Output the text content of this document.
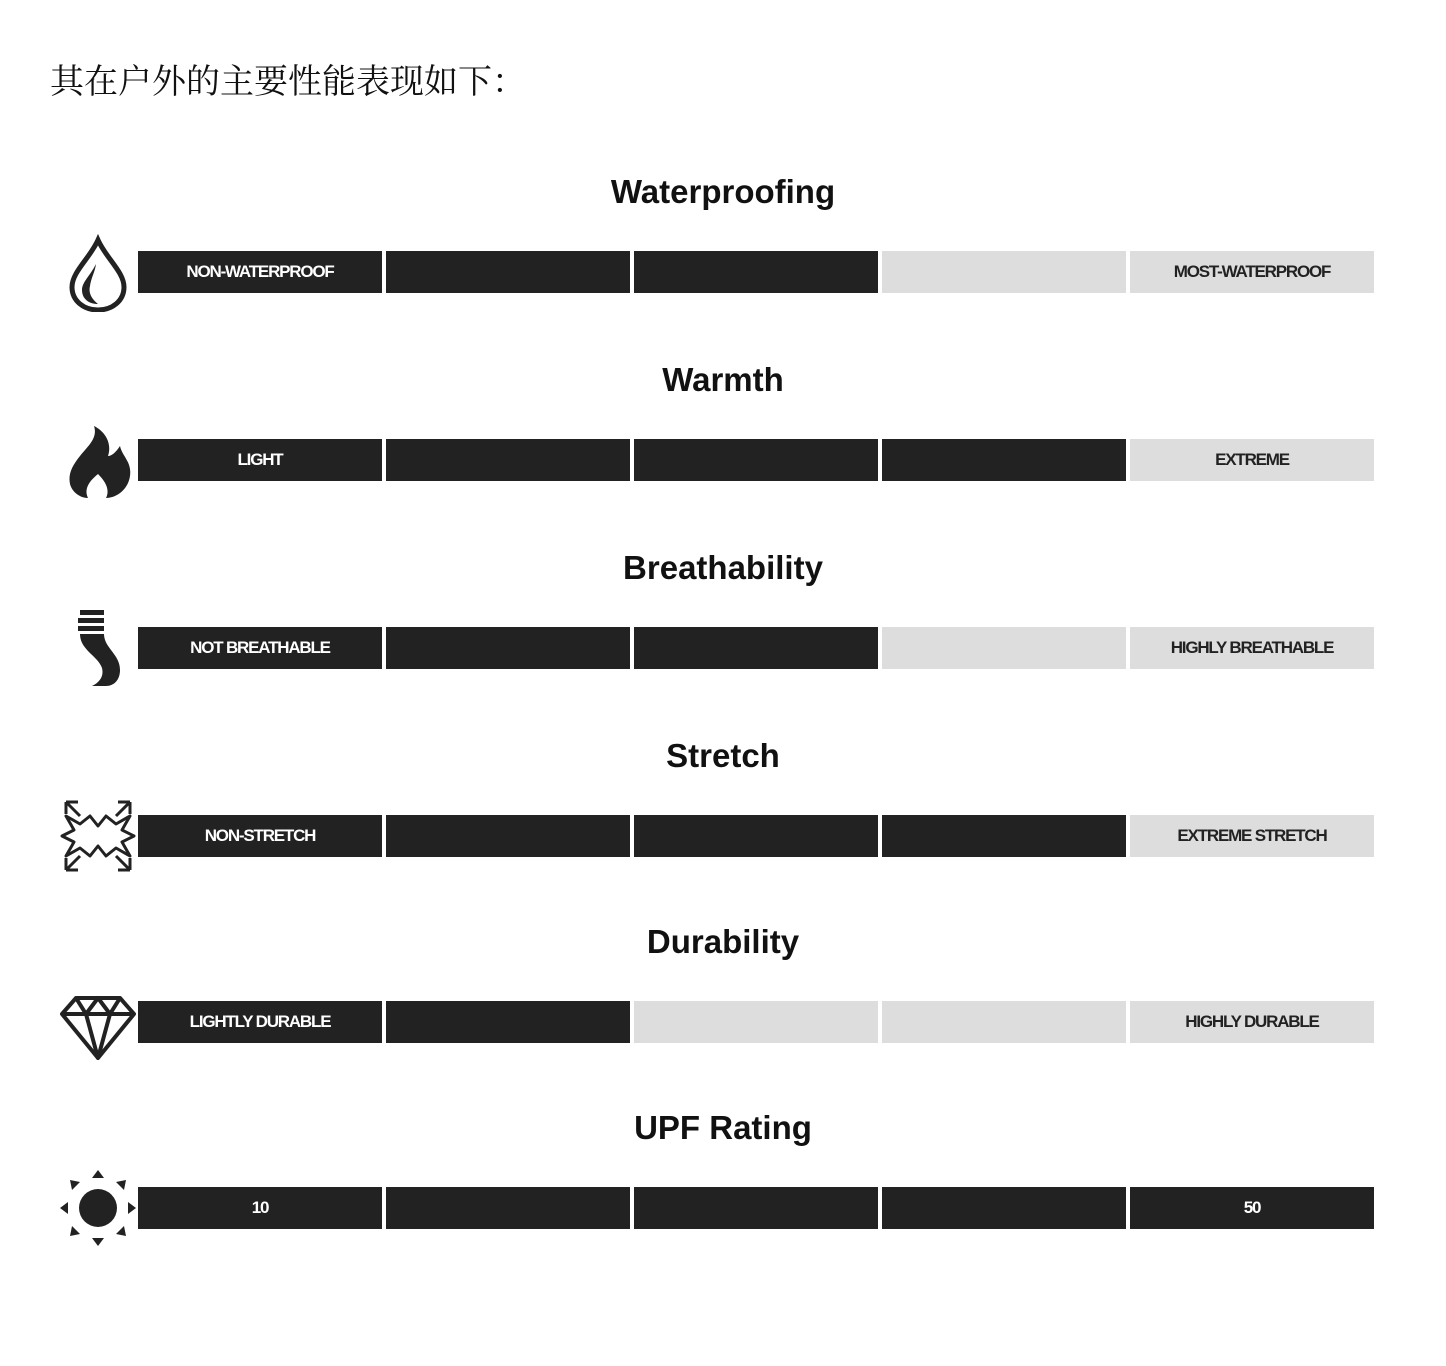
其在户外的主要性能表现如下：
Waterproofing
NON-WATERPROOF	MOST-WATERPROOF
Warmth
LIGHT	EXTREME
Breathability
NOT BREATHABLE	HIGHLY BREATHABLE
Stretch
NON-STRETCH	EXTREME STRETCH
Durability
LIGHTLY DURABLE	HIGHLY DURABLE
UPF Rating
10	50
